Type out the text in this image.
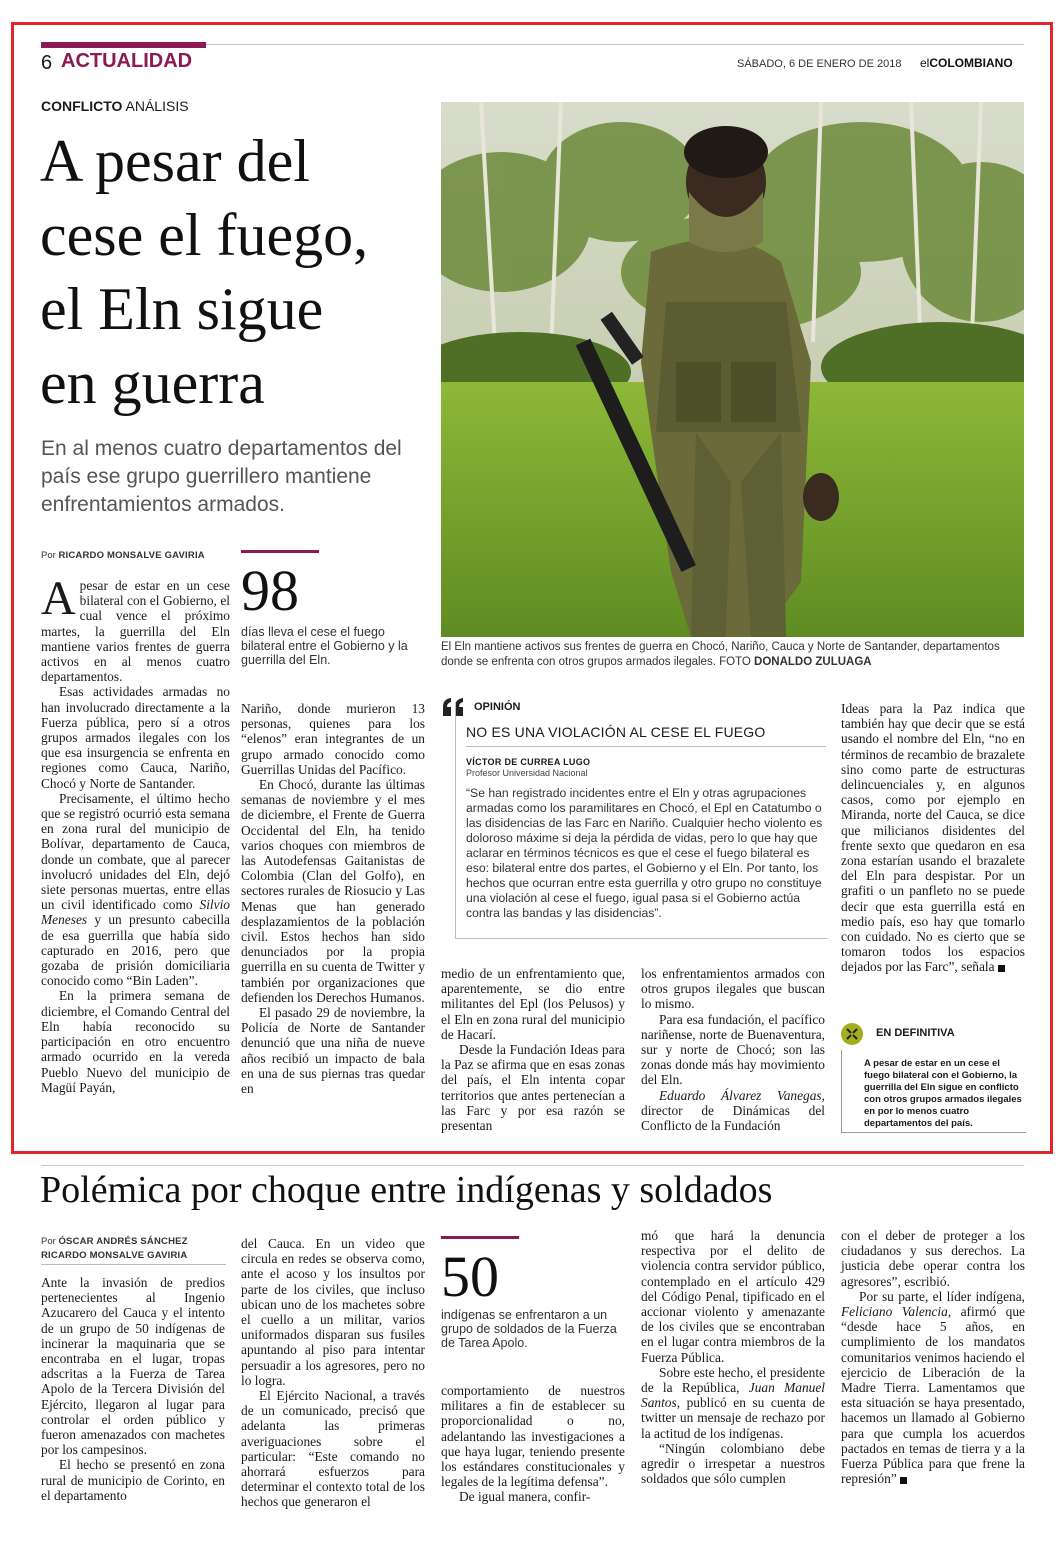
6 ACTUALIDAD	SÁBADO, 6 DE ENERO DE 2018 elCOLOMBIANO
CONFLICTO ANÁLISIS
A pesar del
cese el fuego,
el Eln sigue
en guerra
En al menos cuatro departamentos del país ese grupo guerrillero mantiene enfrentamientos armados.
Por RICARDO MONSALVE GAVIRIA
El Eln mantiene activos sus frentes de guerra en Chocó, Nariño, Cauca y Norte de Santander, departamentos donde se enfrenta con otros grupos armados ilegales. FOTO DONALDO ZULUAGA
98
días lleva el cese el fuego bilateral entre el Gobierno y la guerrilla del Eln.

Apesar de estar en un cese bilateral con el Gobierno, el cual vence el próximo martes, la guerrilla del Eln mantiene varios frentes de guerra activos en al menos cuatro departamentos.

Esas actividades armadas no han involucrado directamente a la Fuerza pública, pero sí a otros grupos armados ilegales con los que esa insurgencia se enfrenta en regiones como Cauca, Nariño, Chocó y Norte de Santander.

Precisamente, el último hecho que se registró ocurrió esta semana en zona rural del municipio de Bolívar, departamento de Cauca, donde un combate, que al parecer involucró unidades del Eln, dejó siete personas muertas, entre ellas un civil identificado como Silvio Meneses y un presunto cabecilla de esa guerrilla que había sido capturado en 2016, pero que gozaba de prisión domiciliaria conocido como “Bin Laden”.

En la primera semana de diciembre, el Comando Central del Eln había reconocido su participación en otro encuentro armado ocurrido en la vereda Pueblo Nuevo del municipio de Magüí Payán,

Nariño, donde murieron 13 personas, quienes para los “elenos” eran integrantes de un grupo armado conocido como Guerrillas Unidas del Pacífico.

En Chocó, durante las últimas semanas de noviembre y el mes de diciembre, el Frente de Guerra Occidental del Eln, ha tenido varios choques con miembros de las Autodefensas Gaitanistas de Colombia (Clan del Golfo), en sectores rurales de Riosucio y Las Menas que han generado desplazamientos de la población civil. Estos hechos han sido denunciados por la propia guerrilla en su cuenta de Twitter y también por organizaciones que defienden los Derechos Humanos.

El pasado 29 de noviembre, la Policía de Norte de Santander denunció que una niña de nueve años recibió un impacto de bala en una de sus piernas tras quedar en

OPINIÓN
NO ES UNA VIOLACIÓN AL CESE EL FUEGO
VÍCTOR DE CURREA LUGO
Profesor Universidad Nacional
“Se han registrado incidentes entre el Eln y otras agrupaciones armadas como los paramilitares en Chocó, el Epl en Catatumbo o las disidencias de las Farc en Nariño. Cualquier hecho violento es doloroso máxime si deja la pérdida de vidas, pero lo que hay que aclarar en términos técnicos es que el cese el fuego bilateral es eso: bilateral entre dos partes, el Gobierno y el Eln. Por tanto, los hechos que ocurran entre esta guerrilla y otro grupo no constituye una violación al cese el fuego, igual pasa si el Gobierno actúa contra las bandas y las disidencias”.

medio de un enfrentamiento que, aparentemente, se dio entre militantes del Epl (los Pelusos) y el Eln en zona rural del municipio de Hacarí.

Desde la Fundación Ideas para la Paz se afirma que en esas zonas del país, el Eln intenta copar territorios que antes pertenecían a las Farc y por esa razón se presentan

los enfrentamientos armados con otros grupos ilegales que buscan lo mismo.

Para esa fundación, el pacífico nariñense, norte de Buenaventura, sur y norte de Chocó; son las zonas donde más hay movimiento del Eln.

Eduardo Álvarez Vanegas, director de Dinámicas del Conflicto de la Fundación

Ideas para la Paz indica que también hay que decir que se está usando el nombre del Eln, “no en términos de recambio de brazalete sino como parte de estructuras delincuenciales y, en algunos casos, como por ejemplo en Miranda, norte del Cauca, se dice que milicianos disidentes del frente sexto que quedaron en esa zona estarían usando el brazalete del Eln para despistar. Por un grafiti o un panfleto no se puede decir que esta guerrilla está en medio país, eso hay que tomarlo con cuidado. No es cierto que se tomaron todos los espacios dejados por las Farc”, señala

EN DEFINITIVA
A pesar de estar en un cese el fuego bilateral con el Gobierno, la guerrilla del Eln sigue en conflicto con otros grupos armados ilegales en por lo menos cuatro departamentos del país.
Polémica por choque entre indígenas y soldados
Por ÓSCAR ANDRÉS SÁNCHEZ
RICARDO MONSALVE GAVIRIA	50
indígenas se enfrentaron a un grupo de soldados de la Fuerza de Tarea Apolo.

Ante la invasión de predios pertenecientes al Ingenio Azucarero del Cauca y el intento de un grupo de 50 indígenas de incinerar la maquinaria que se encontraba en el lugar, tropas adscritas a la Fuerza de Tarea Apolo de la Tercera División del Ejército, llegaron al lugar para controlar el orden público y fueron amenazados con machetes por los campesinos.

El hecho se presentó en zona rural de municipio de Corinto, en el departamento

del Cauca. En un video que circula en redes se observa como, ante el acoso y los insultos por parte de los civiles, que incluso ubican uno de los machetes sobre el cuello a un militar, varios uniformados disparan sus fusiles apuntando al piso para intentar persuadir a los agresores, pero no lo logra.

El Ejército Nacional, a través de un comunicado, precisó que adelanta las primeras averiguaciones sobre el particular: “Este comando no ahorrará esfuerzos para determinar el contexto total de los hechos que generaron el

comportamiento de nuestros militares a fin de establecer su proporcionalidad o no, adelantando las investigaciones a que haya lugar, teniendo presente los estándares constitucionales y legales de la legítima defensa”.

De igual manera, confir-

mó que hará la denuncia respectiva por el delito de violencia contra servidor público, contemplado en el artículo 429 del Código Penal, tipificado en el accionar violento y amenazante de los civiles que se encontraban en el lugar contra miembros de la Fuerza Pública.

Sobre este hecho, el presidente de la República, Juan Manuel Santos, publicó en su cuenta de twitter un mensaje de rechazo por la actitud de los indígenas.

“Ningún colombiano debe agredir o irrespetar a nuestros soldados que sólo cumplen

con el deber de proteger a los ciudadanos y sus derechos. La justicia debe operar contra los agresores”, escribió.

Por su parte, el líder indígena, Feliciano Valencia, afirmó que “desde hace 5 años, en cumplimiento de los mandatos comunitarios venimos haciendo el ejercicio de Liberación de la Madre Tierra. Lamentamos que esta situación se haya presentado, hacemos un llamado al Gobierno para que cumpla los acuerdos pactados en temas de tierra y a la Fuerza Pública para que frene la represión”
